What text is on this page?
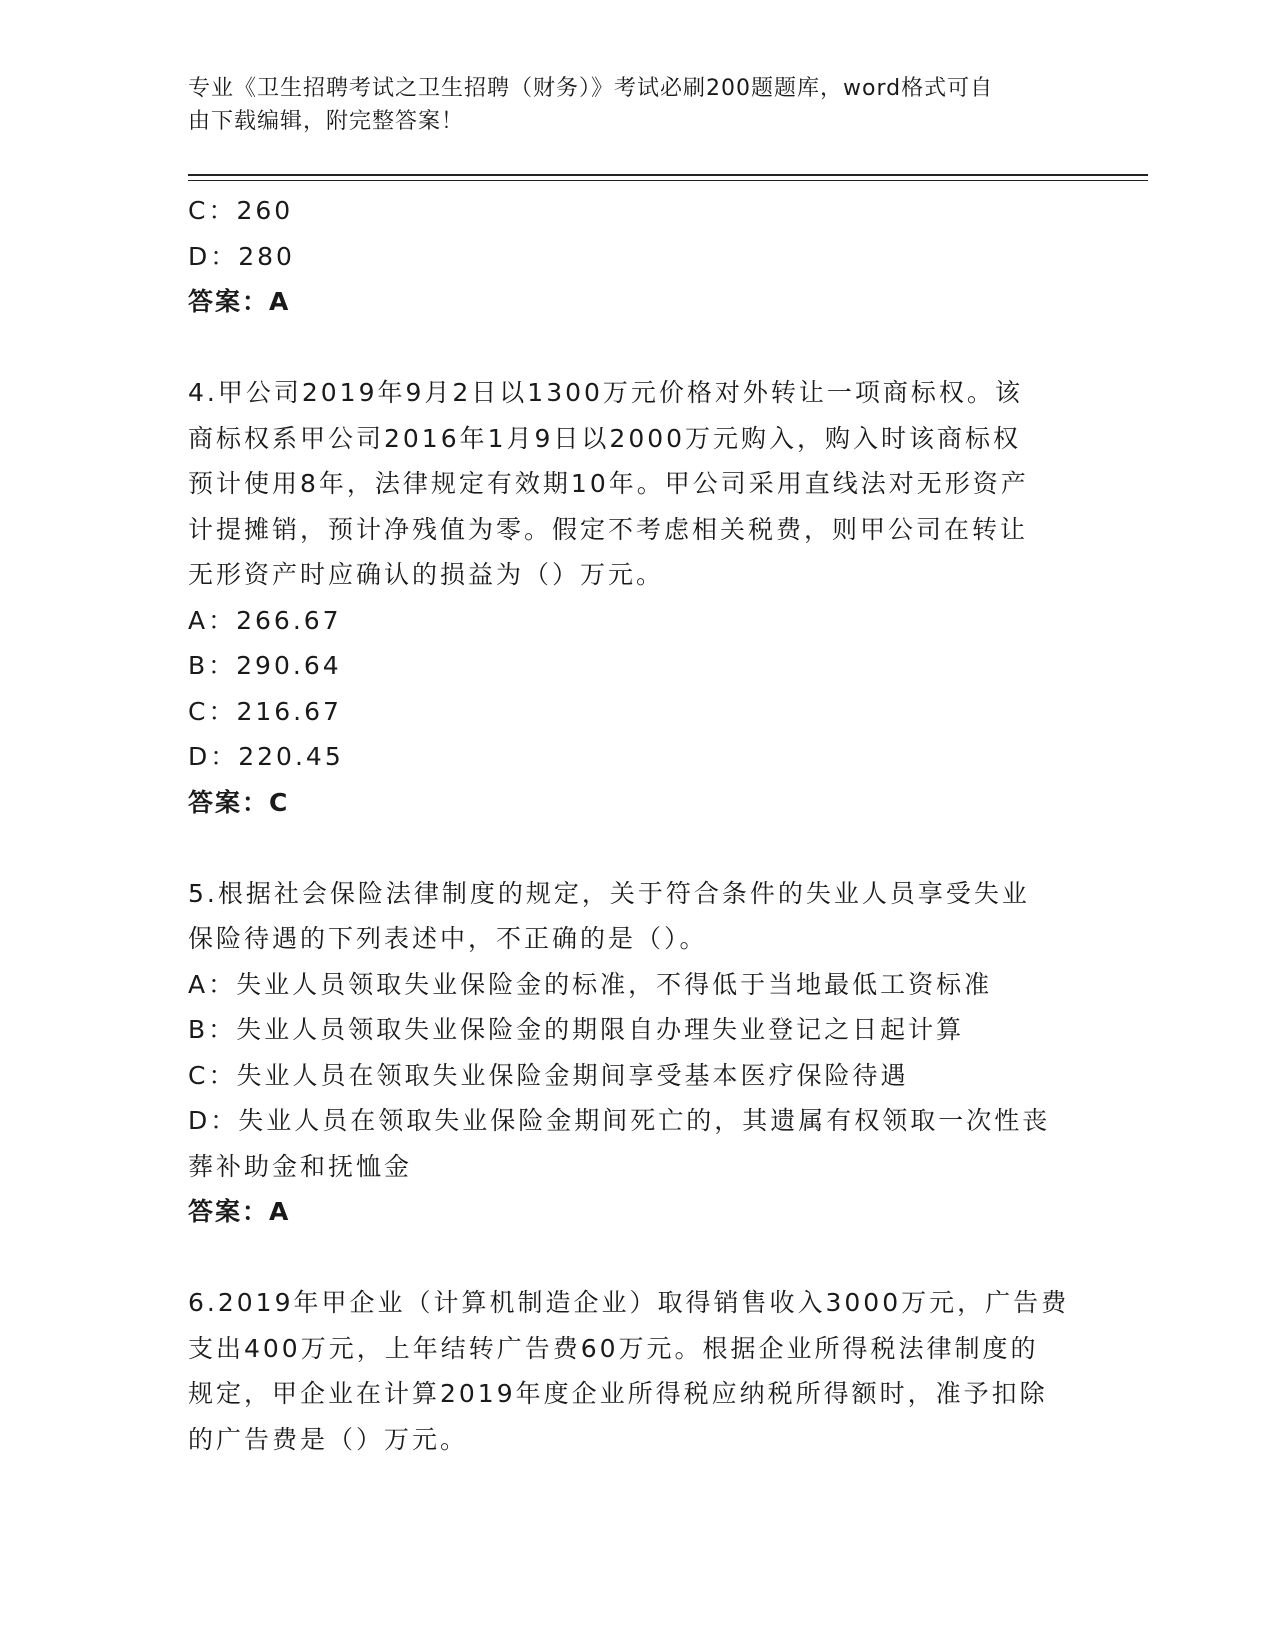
专业《卫生招聘考试之卫生招聘（财务）》考试必刷200题题库，word格式可自
由下载编辑，附完整答案！
C：260
D：280
答案：A
4.甲公司2019年9月2日以1300万元价格对外转让一项商标权。该
商标权系甲公司2016年1月9日以2000万元购入，购入时该商标权
预计使用8年，法律规定有效期10年。甲公司采用直线法对无形资产
计提摊销，预计净残值为零。假定不考虑相关税费，则甲公司在转让
无形资产时应确认的损益为（）万元。
A：266.67
B：290.64
C：216.67
D：220.45
答案：C
5.根据社会保险法律制度的规定，关于符合条件的失业人员享受失业
保险待遇的下列表述中，不正确的是（）。
A：失业人员领取失业保险金的标准，不得低于当地最低工资标准
B：失业人员领取失业保险金的期限自办理失业登记之日起计算
C：失业人员在领取失业保险金期间享受基本医疗保险待遇
D：失业人员在领取失业保险金期间死亡的，其遗属有权领取一次性丧
葬补助金和抚恤金
答案：A
6.2019年甲企业（计算机制造企业）取得销售收入3000万元，广告费
支出400万元，上年结转广告费60万元。根据企业所得税法律制度的
规定，甲企业在计算2019年度企业所得税应纳税所得额时，准予扣除
的广告费是（）万元。
